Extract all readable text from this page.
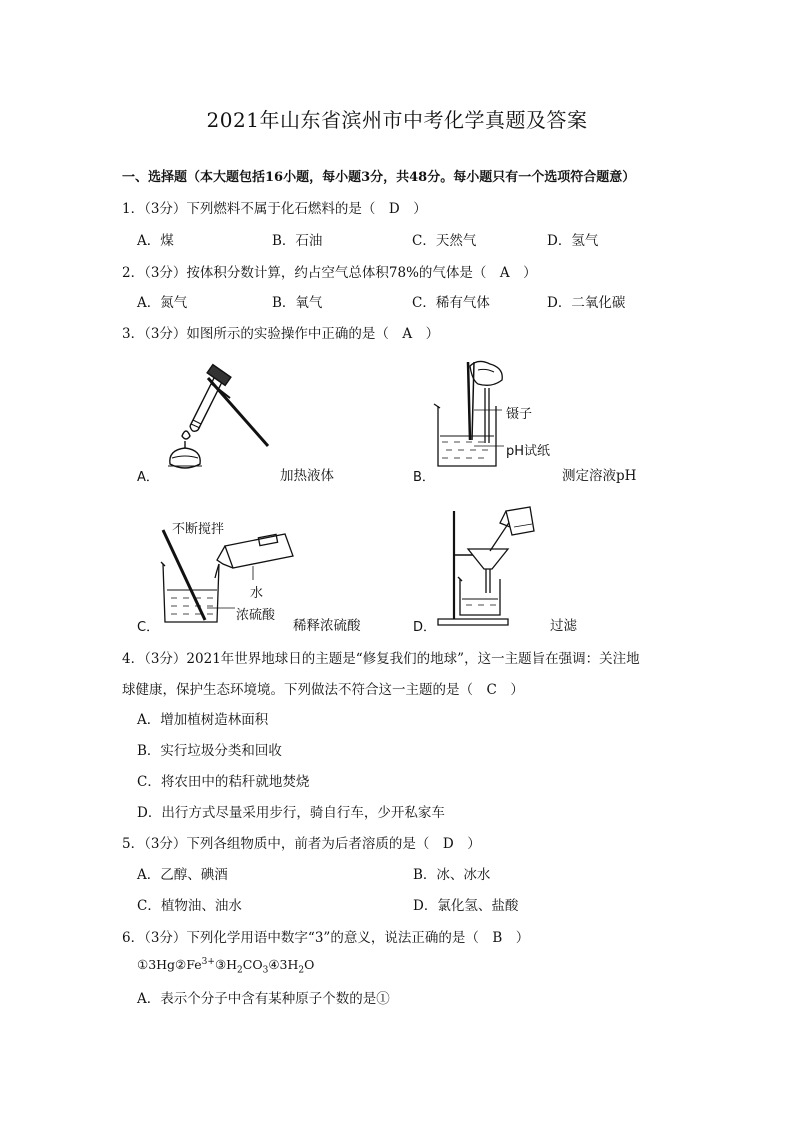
2021年山东省滨州市中考化学真题及答案
一、选择题（本大题包括16小题，每小题3分，共48分。每小题只有一个选项符合题意）
1．（3分）下列燃料不属于化石燃料的是（　D　）
A．煤	B．石油	C．天然气	D．氢气
2．（3分）按体积分数计算，约占空气总体积78%的气体是（　A　）
A．氮气	B．氧气	C．稀有气体	D．二氧化碳
3．（3分）如图所示的实验操作中正确的是（　A　）
A．	加热液体
镊子
pH试纸
B．	测定溶液pH
不断搅拌
水
浓硫酸
C．	稀释浓硫酸	D．	过滤
4．（3分）2021年世界地球日的主题是“修复我们的地球”，这一主题旨在强调：关注地
球健康，保护生态环境境。下列做法不符合这一主题的是（　C　）
A．增加植树造林面积
B．实行垃圾分类和回收
C．将农田中的秸秆就地焚烧
D．出行方式尽量采用步行，骑自行车，少开私家车
5．（3分）下列各组物质中，前者为后者溶质的是（　D　）
A．乙醇、碘酒	B．冰、冰水
C．植物油、油水	D．氯化氢、盐酸
6．（3分）下列化学用语中数字“3”的意义，说法正确的是（　B　）
$①3Hg②Fe^{3+}③H_2CO_3④3H_2O$
A．表示个分子中含有某种原子个数的是①
